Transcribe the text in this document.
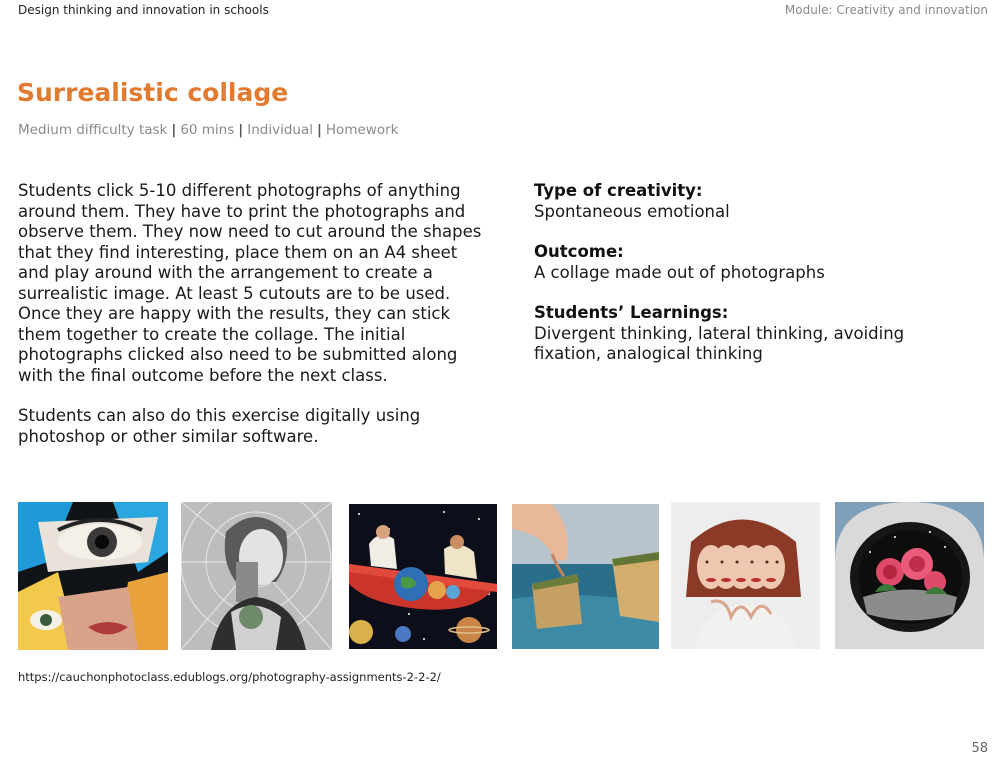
Design thinking and innovation in schools	Module: Creativity and innovation
Surrealistic collage
Medium difficulty task | 60 mins | Individual | Homework

Students click 5-10 different photographs of anything around them. They have to print the photographs and observe them. They now need to cut around the shapes that they find interesting, place them on an A4 sheet and play around with the arrangement to create a surrealistic image. At least 5 cutouts are to be used. Once they are happy with the results, they can stick them together to create the collage. The initial photographs clicked also need to be submitted along with the final outcome before the next class.

Students can also do this exercise digitally using photoshop or other similar software.

Type of creativity:
Spontaneous emotional
Outcome:
A collage made out of photographs
Students’ Learnings:
Divergent thinking, lateral thinking, avoiding fixation, analogical thinking
https://cauchonphotoclass.edublogs.org/photography-assignments-2-2-2/
58
